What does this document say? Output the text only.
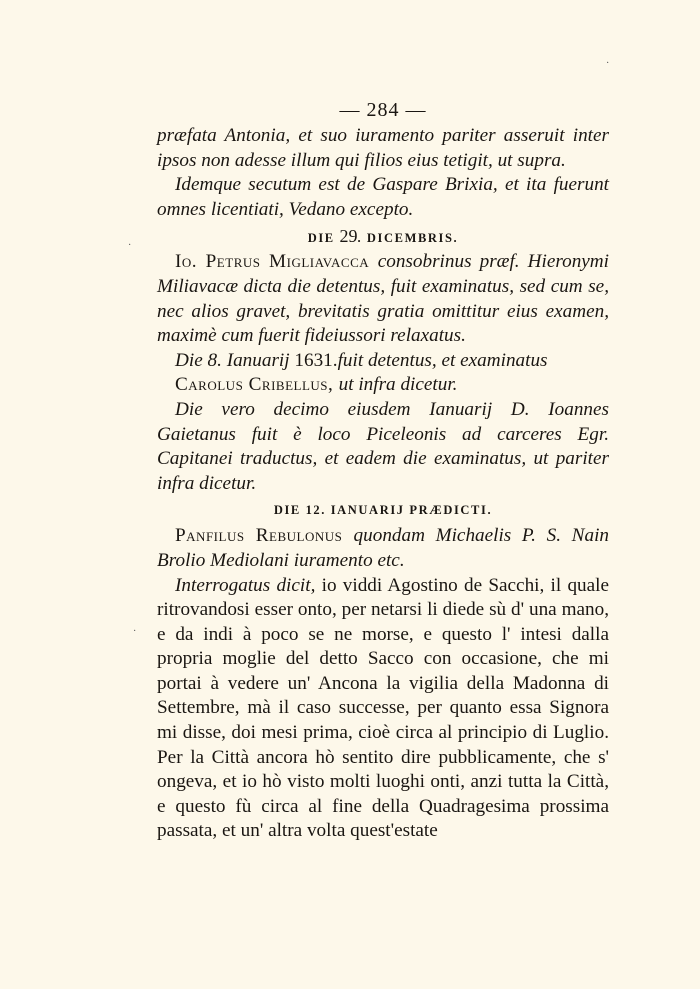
— 284 —
præfata Antonia, et suo iuramento pariter asseruit inter ipsos non adesse illum qui filios eius tetigit, ut supra.
Idemque secutum est de Gaspare Brixia, et ita fuerunt omnes licentiati, Vedano excepto.
DIE 29. DICEMBRIS.
Io. Petrus Migliavacca consobrinus præf. Hieronymi Miliavacæ dicta die detentus, fuit examinatus, sed cum se, nec alios gravet, brevitatis gratia omittitur eius examen, maximè cum fuerit fideiussori relaxatus.
Die 8. Ianuarij 1631.fuit detentus, et examinatus
Carolus Cribellus, ut infra dicetur.
Die vero decimo eiusdem Ianuarij D. Ioannes Gaietanus fuit è loco Piceleonis ad carceres Egr. Capitanei traductus, et eadem die examinatus, ut pariter infra dicetur.
DIE 12. IANUARIJ PRÆDICTI.
Panfilus Rebulonus quondam Michaelis P. S. Nain Brolio Mediolani iuramento etc.
Interrogatus dicit, io viddi Agostino de Sacchi, il quale ritrovandosi esser onto, per netarsi li diede sù d' una mano, e da indi à poco se ne morse, e questo l' intesi dalla propria moglie del detto Sacco con occasione, che mi portai à vedere un' Ancona la vigilia della Madonna di Settembre, mà il caso successe, per quanto essa Signora mi disse, doi mesi prima, cioè circa al principio di Luglio. Per la Città ancora hò sentito dire pubblicamente, che s' ongeva, et io hò visto molti luoghi onti, anzi tutta la Città, e questo fù circa al fine della Quadragesima prossima passata, et un' altra volta quest'estate
·
·
·
